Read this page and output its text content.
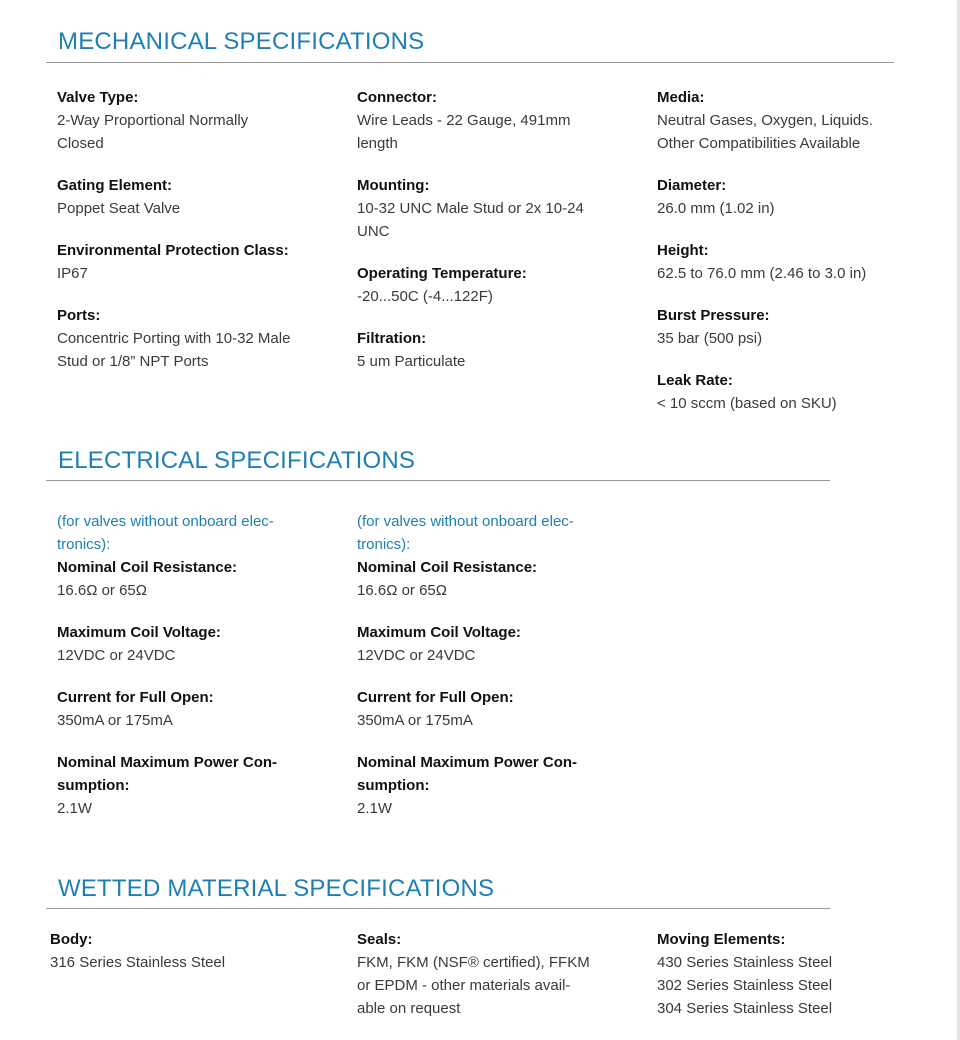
MECHANICAL SPECIFICATIONS
Valve Type:
2-Way Proportional Normally
Closed
Gating Element:
Poppet Seat Valve
Environmental Protection Class:
IP67
Ports:
Concentric Porting with 10-32 Male
Stud or 1/8” NPT Ports
Connector:
Wire Leads - 22 Gauge, 491mm
length
Mounting:
10-32 UNC Male Stud or 2x 10-24
UNC
Operating Temperature:
-20...50C (-4...122F)
Filtration:
5 um Particulate
Media:
Neutral Gases, Oxygen, Liquids.
Other Compatibilities Available
Diameter:
26.0 mm (1.02 in)
Height:
62.5 to 76.0 mm (2.46 to 3.0 in)
Burst Pressure:
35 bar (500 psi)
Leak Rate:
< 10 sccm (based on SKU)
ELECTRICAL SPECIFICATIONS
(for valves without onboard elec-
tronics):
Nominal Coil Resistance:
16.6Ω or 65Ω
Maximum Coil Voltage:
12VDC or 24VDC
Current for Full Open:
350mA or 175mA
Nominal Maximum Power Con-
sumption:
2.1W
(for valves without onboard elec-
tronics):
Nominal Coil Resistance:
16.6Ω or 65Ω
Maximum Coil Voltage:
12VDC or 24VDC
Current for Full Open:
350mA or 175mA
Nominal Maximum Power Con-
sumption:
2.1W
WETTED MATERIAL SPECIFICATIONS
Body:
316 Series Stainless Steel
Seals:
FKM, FKM (NSF® certified), FFKM
or EPDM - other materials avail-
able on request
Moving Elements:
430 Series Stainless Steel
302 Series Stainless Steel
304 Series Stainless Steel
